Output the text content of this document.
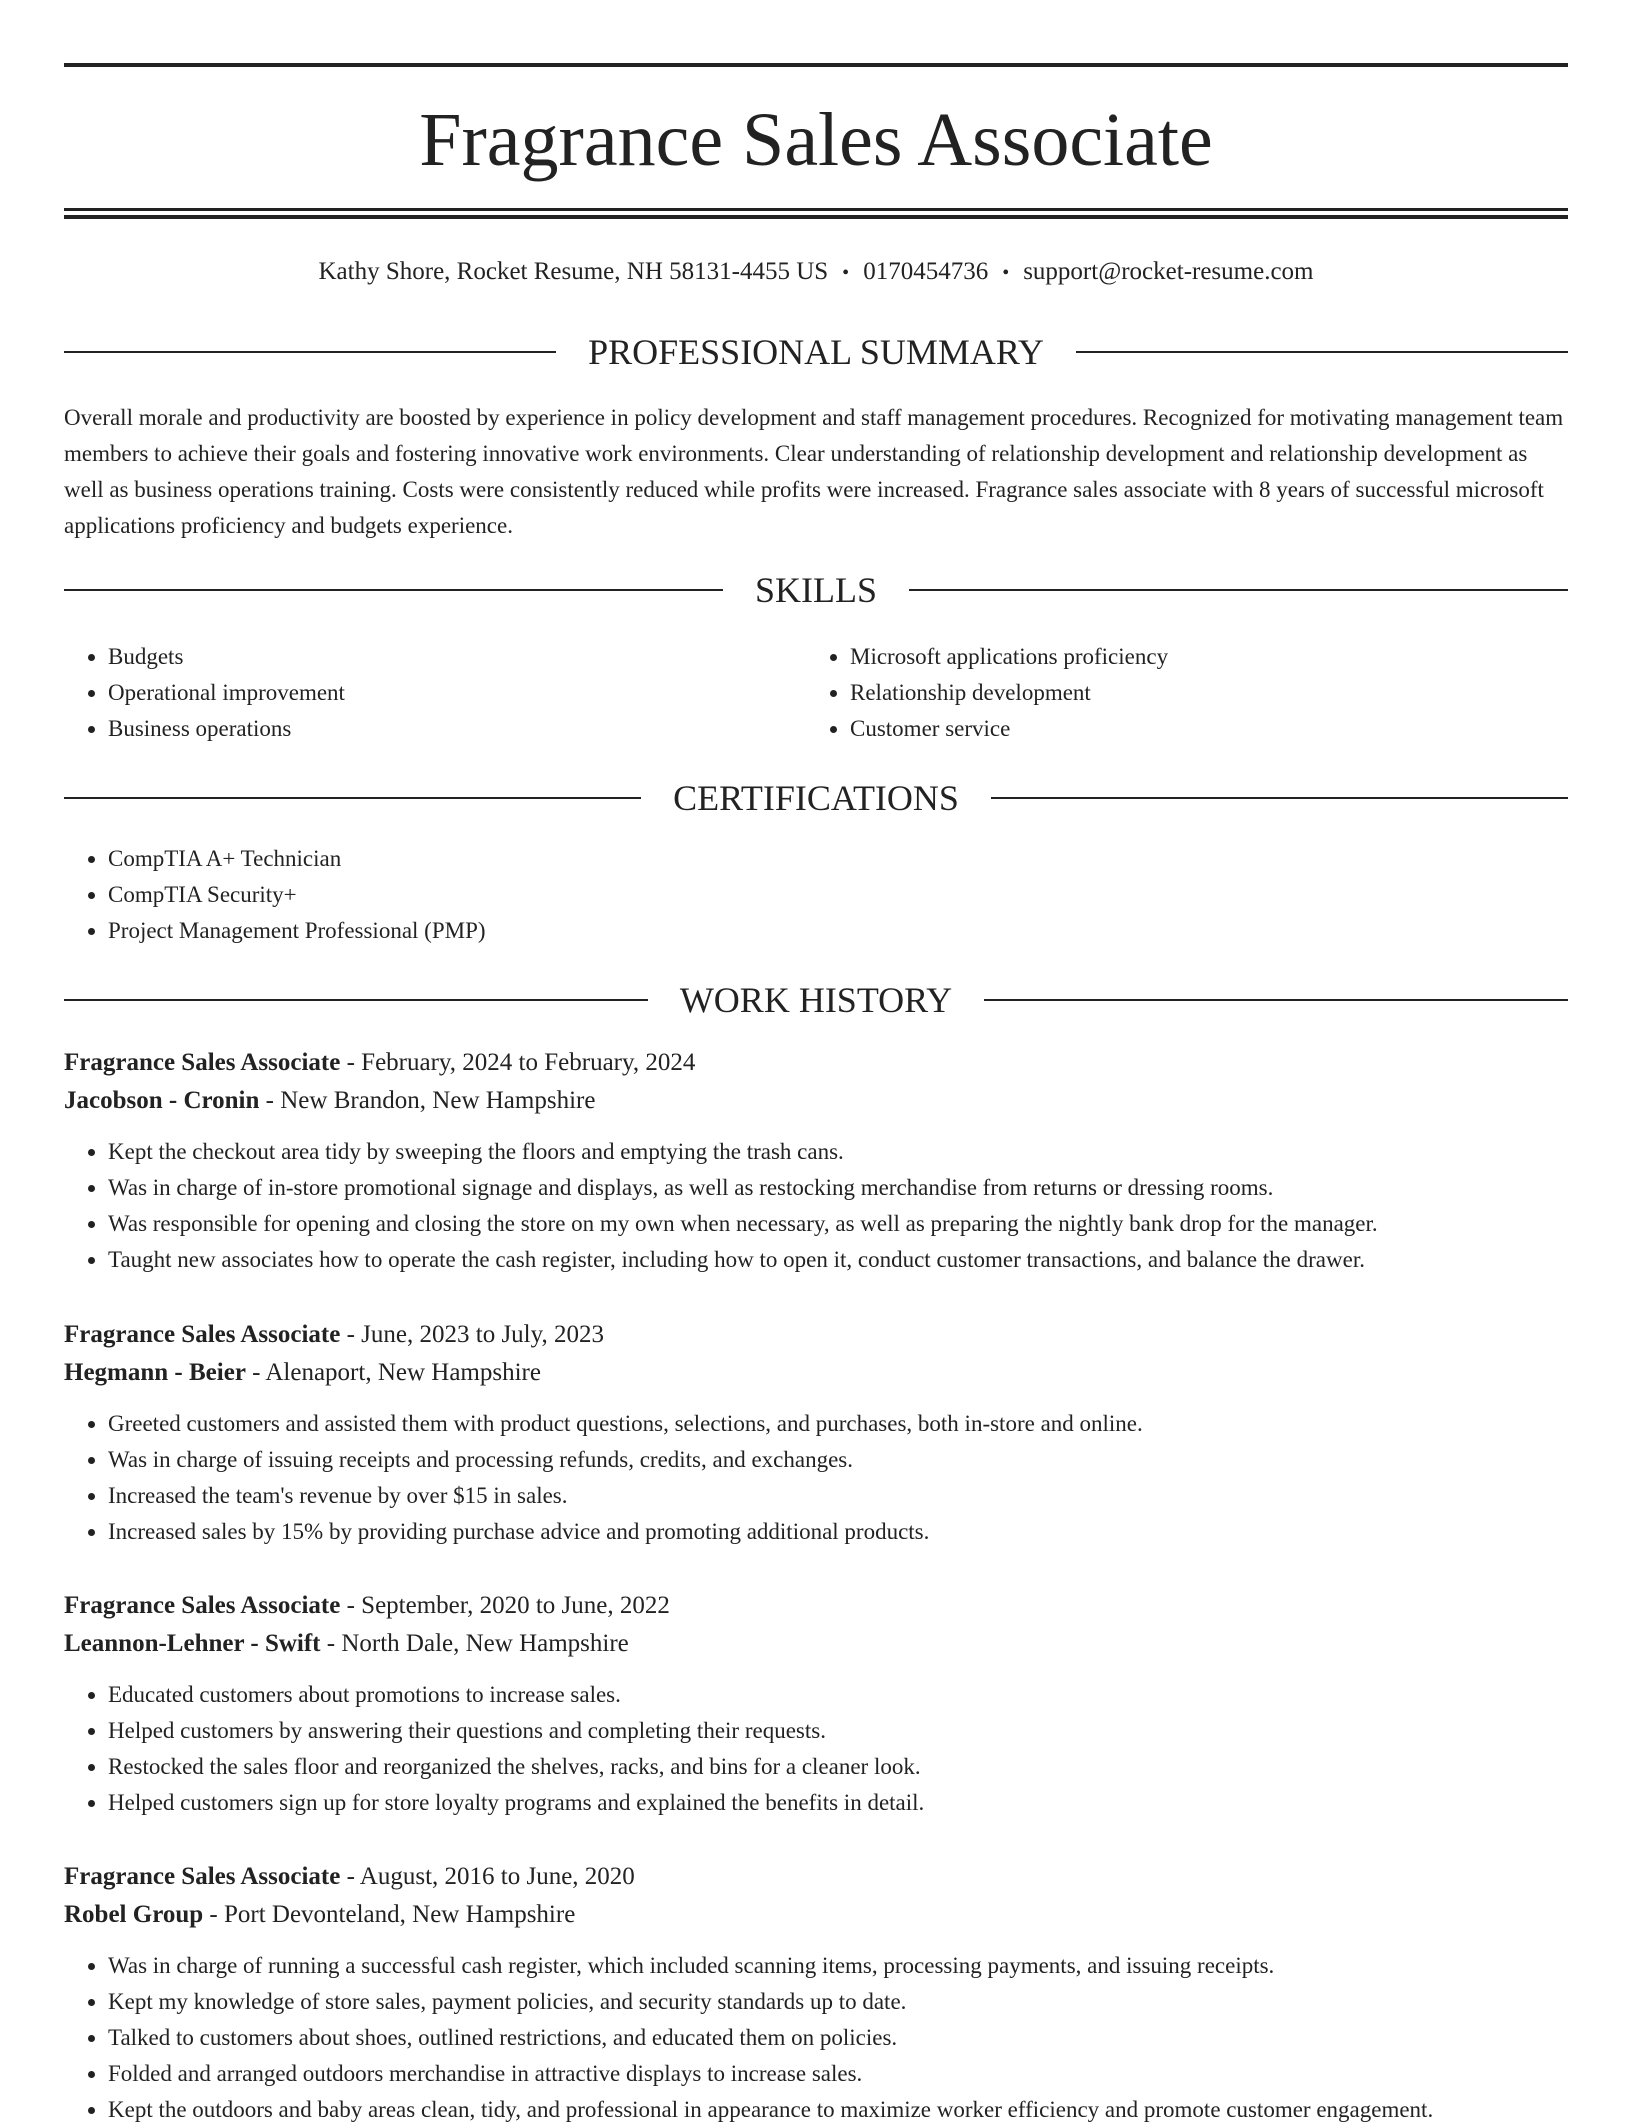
Fragrance Sales Associate
Kathy Shore, Rocket Resume, NH 58131-4455 US • 0170454736 • support@rocket-resume.com
PROFESSIONAL SUMMARY

Overall morale and productivity are boosted by experience in policy development and staff management procedures. Recognized for motivating management team members to achieve their goals and fostering innovative work environments. Clear understanding of relationship development and relationship development as well as business operations training. Costs were consistently reduced while profits were increased. Fragrance sales associate with 8 years of successful microsoft applications proficiency and budgets experience.

SKILLS
• Budgets
• Operational improvement
• Business operations
• Microsoft applications proficiency
• Relationship development
• Customer service
CERTIFICATIONS
• CompTIA A+ Technician
• CompTIA Security+
• Project Management Professional (PMP)
WORK HISTORY

Fragrance Sales Associate - February, 2024 to February, 2024

Jacobson - Cronin - New Brandon, New Hampshire

• Kept the checkout area tidy by sweeping the floors and emptying the trash cans.
• Was in charge of in-store promotional signage and displays, as well as restocking merchandise from returns or dressing rooms.
• Was responsible for opening and closing the store on my own when necessary, as well as preparing the nightly bank drop for the manager.
• Taught new associates how to operate the cash register, including how to open it, conduct customer transactions, and balance the drawer.

Fragrance Sales Associate - June, 2023 to July, 2023

Hegmann - Beier - Alenaport, New Hampshire

• Greeted customers and assisted them with product questions, selections, and purchases, both in-store and online.
• Was in charge of issuing receipts and processing refunds, credits, and exchanges.
• Increased the team's revenue by over $15 in sales.
• Increased sales by 15% by providing purchase advice and promoting additional products.

Fragrance Sales Associate - September, 2020 to June, 2022

Leannon-Lehner - Swift - North Dale, New Hampshire

• Educated customers about promotions to increase sales.
• Helped customers by answering their questions and completing their requests.
• Restocked the sales floor and reorganized the shelves, racks, and bins for a cleaner look.
• Helped customers sign up for store loyalty programs and explained the benefits in detail.

Fragrance Sales Associate - August, 2016 to June, 2020

Robel Group - Port Devonteland, New Hampshire

• Was in charge of running a successful cash register, which included scanning items, processing payments, and issuing receipts.
• Kept my knowledge of store sales, payment policies, and security standards up to date.
• Talked to customers about shoes, outlined restrictions, and educated them on policies.
• Folded and arranged outdoors merchandise in attractive displays to increase sales.
• Kept the outdoors and baby areas clean, tidy, and professional in appearance to maximize worker efficiency and promote customer engagement.
